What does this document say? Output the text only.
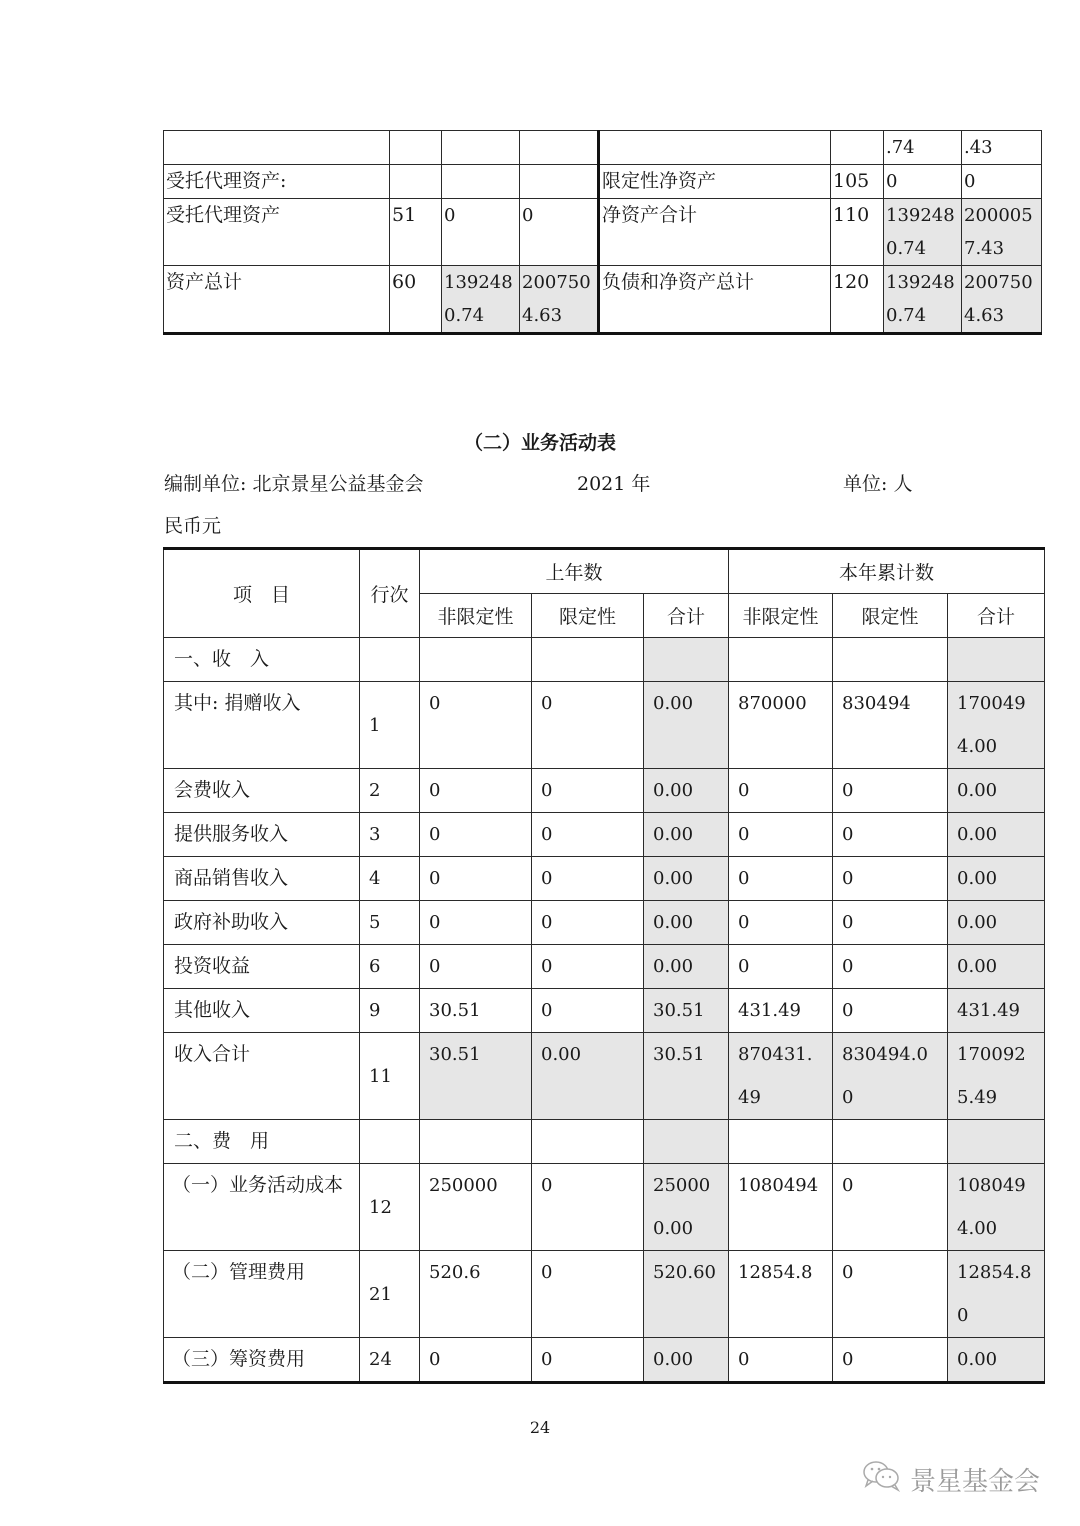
						.74	.43
受托代理资产:				限定性净资产	105	0	0
受托代理资产	51	0	0	净资产合计	110	1392480.74	2000057.43
资产总计	60	1392480.74	2007504.63	负债和净资产总计	120	1392480.74	2007504.63
（二）业务活动表
编制单位: 北京景星公益基金会	2021 年	单位: 人
民币元
项　目	行次	上年数			本年累计数		
		非限定性	限定性	合计	非限定性	限定性	合计
一、收　入							
其中: 捐赠收入	1	0	0	0.00	870000	830494	1700494.00
会费收入	2	0	0	0.00	0	0	0.00
提供服务收入	3	0	0	0.00	0	0	0.00
商品销售收入	4	0	0	0.00	0	0	0.00
政府补助收入	5	0	0	0.00	0	0	0.00
投资收益	6	0	0	0.00	0	0	0.00
其他收入	9	30.51	0	30.51	431.49	0	431.49
收入合计	11	30.51	0.00	30.51	870431.49	830494.00	1700925.49
二、费　用							
（一）业务活动成本	12	250000	0	250000.00	1080494	0	1080494.00
（二）管理费用	21	520.6	0	520.60	12854.8	0	12854.80
（三）筹资费用	24	0	0	0.00	0	0	0.00
24
景星基金会
